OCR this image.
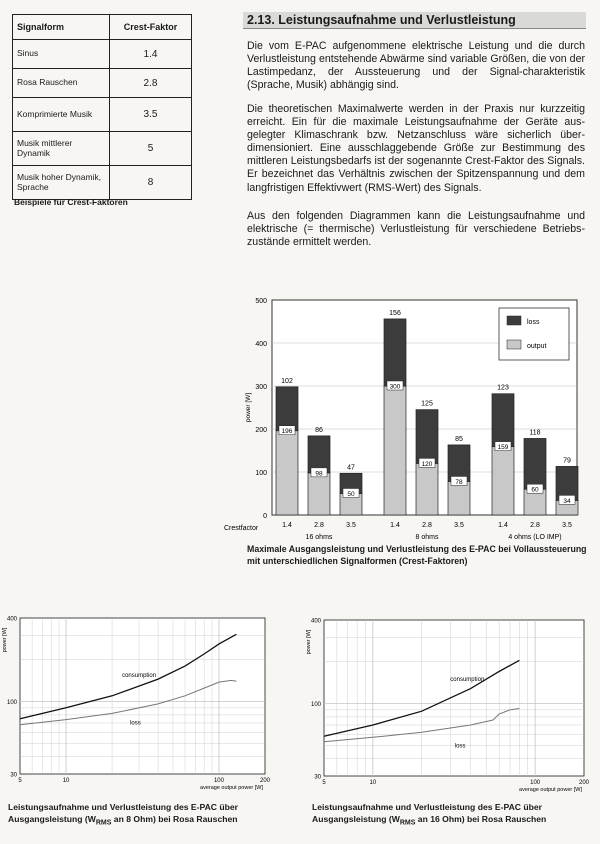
Signalform	Crest-Faktor
Sinus	1.4
Rosa Rauschen	2.8
Komprimierte Musik	3.5
Musik mittlerer Dynamik	5
Musik hoher Dynamik, Sprache	8
Beispiele für Crest-Faktoren
2.13. Leistungsaufnahme und Verlustleistung

Die vom E-PAC aufgenommene elektrische Leistung und die durch Verlustleistung entstehende Abwärme sind variable Größen, die von der Lastimpedanz, der Aussteuerung und der Signal-charakteristik (Sprache, Musik) abhängig sind.

Die theoretischen Maximalwerte werden in der Praxis nur kurzzeitig erreicht. Ein für die maximale Leistungsaufnahme der Geräte aus-gelegter Klimaschrank bzw. Netzanschluss wäre sicherlich über-dimensioniert. Eine ausschlaggebende Größe zur Bestimmung des mittleren Leistungsbedarfs ist der sogenannte Crest-Faktor des Signals. Er bezeichnet das Verhältnis zwischen der Spitzenspannung und dem langfristigen Effektivwert (RMS-Wert) des Signals.

Aus den folgenden Diagrammen kann die Leistungsaufnahme und elektrische (= thermische) Verlustleistung für verschiedene Betriebs-zustände ermittelt werden.

0
100
200
300
400
500
power [W]
196
102
1.4
98
86
2.8
50
47
3.5
16 ohms
300
156
1.4
120
125
2.8
78
85
3.5
8 ohms
159
123
1.4
60
118
2.8
34
79
3.5
4 ohms (LO IMP)
Crestfactor
loss
output
Maximale Ausgangsleistung und Verlustleistung des E-PAC bei Vollaussteuerung mit unterschiedlichen Signalformen (Crest-Faktoren)
30
100
400
5	10	100	200
average output power [W]
power [W]
consumption
loss
Leistungsaufnahme und Verlustleistung des E-PAC über Ausgangsleistung ($W_{RMS}$ an 8 Ohm) bei Rosa Rauschen
30
100
400
5	10	100	200
average output power [W]
power [W]
consumption
loss
Leistungsaufnahme und Verlustleistung des E-PAC über Ausgangsleistung ($W_{RMS}$ an 16 Ohm) bei Rosa Rauschen
